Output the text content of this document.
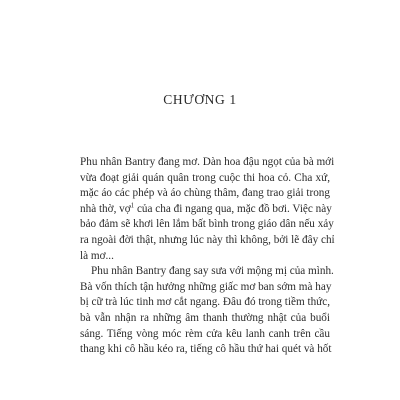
CHƯƠNG 1
Phu nhân Bantry đang mơ. Dàn hoa đậu ngọt của bà mới
vừa đoạt giải quán quân trong cuộc thi hoa cỏ. Cha xứ,
mặc áo các phép và áo chùng thâm, đang trao giải trong
nhà thờ, vợ$^1$ của cha đi ngang qua, mặc đồ bơi. Việc này
bảo đảm sẽ khơi lên lắm bất bình trong giáo dân nếu xảy
ra ngoài đời thật, nhưng lúc này thì không, bởi lẽ đây chỉ
là mơ...
Phu nhân Bantry đang say sưa với mộng mị của mình.
Bà vốn thích tận hưởng những giấc mơ ban sớm mà hay
bị cữ trà lúc tinh mơ cắt ngang. Đâu đó trong tiềm thức,
bà vẫn nhận ra những âm thanh thường nhật của buổi
sáng. Tiếng vòng móc rèm cửa kêu lanh canh trên cầu
thang khi cô hầu kéo ra, tiếng cô hầu thứ hai quét và hốt
